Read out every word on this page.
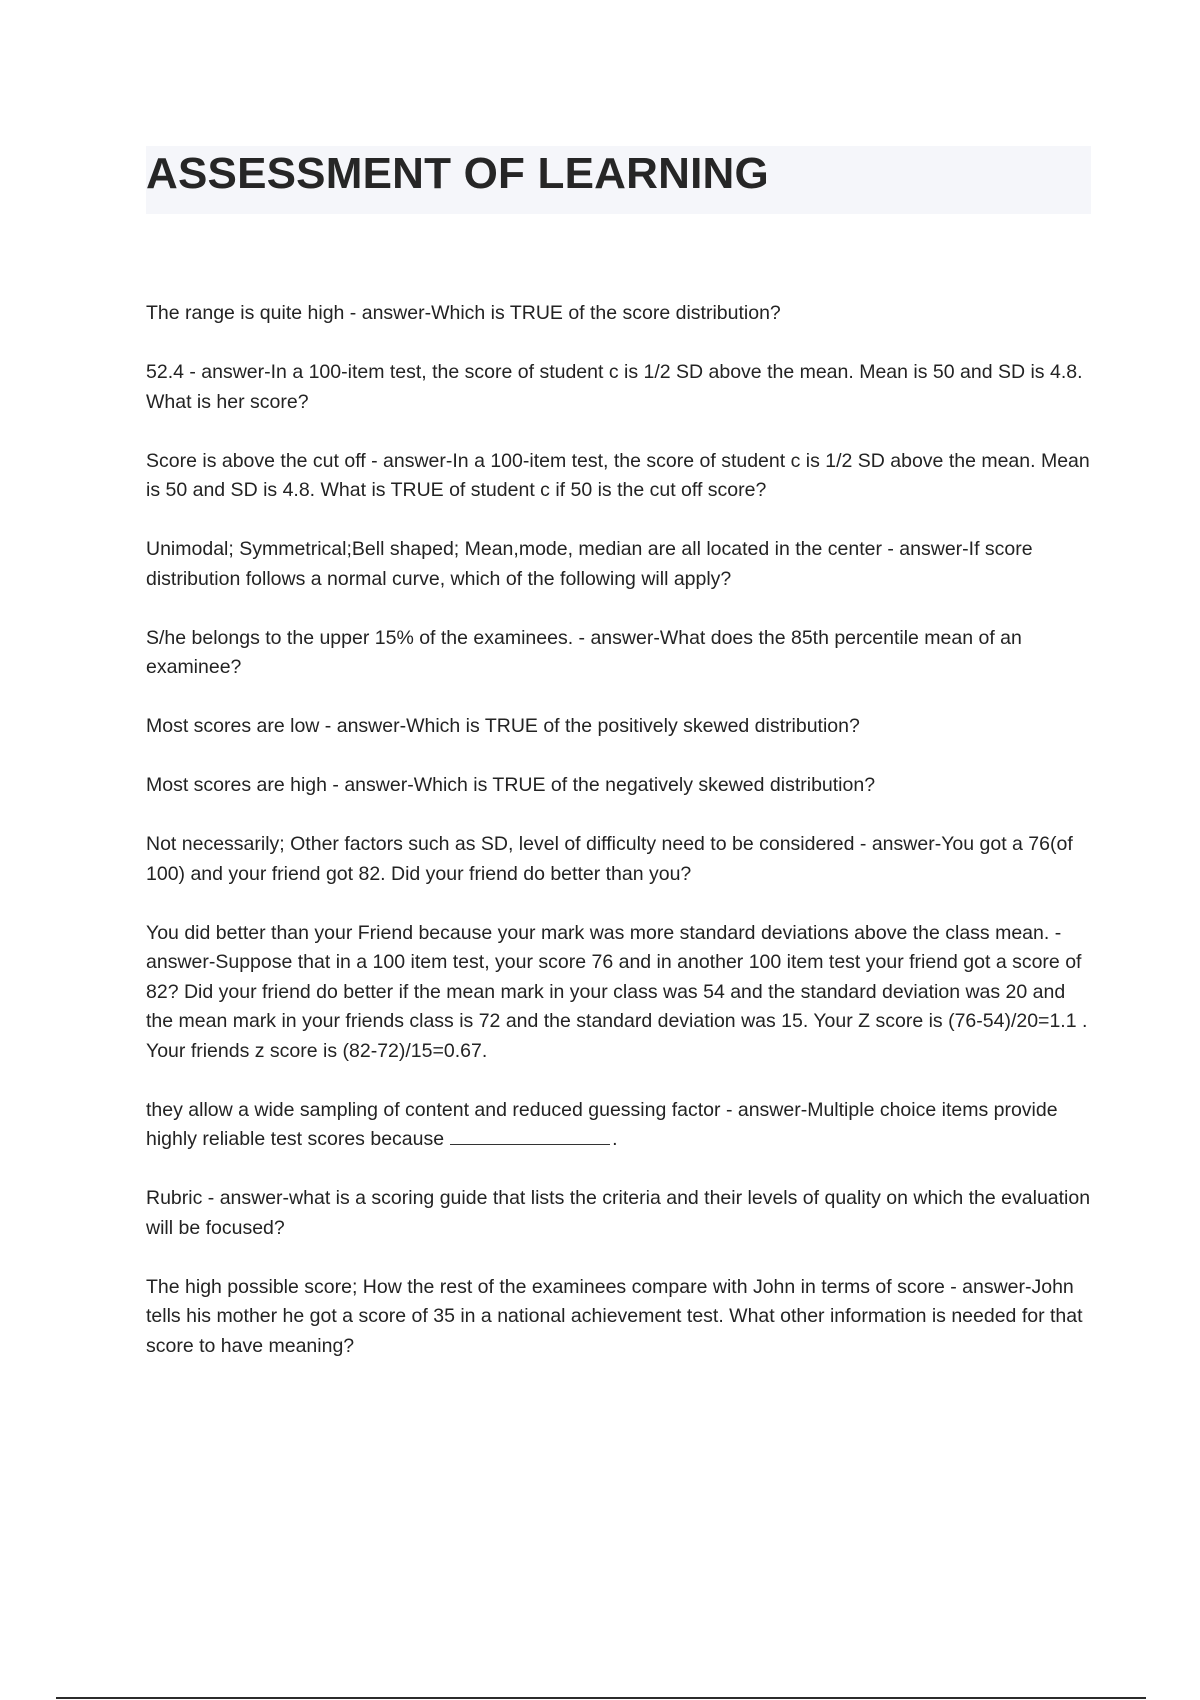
ASSESSMENT OF LEARNING
The range is quite high - answer-Which is TRUE of the score distribution?
52.4 - answer-In a 100-item test, the score of student c is 1/2 SD above the mean. Mean is 50 and SD is 4.8. What is her score?
Score is above the cut off - answer-In a 100-item test, the score of student c is 1/2 SD above the mean. Mean is 50 and SD is 4.8. What is TRUE of student c if 50 is the cut off score?
Unimodal; Symmetrical;Bell shaped; Mean,mode, median are all located in the center - answer-If score distribution follows a normal curve, which of the following will apply?
S/he belongs to the upper 15% of the examinees. - answer-What does the 85th percentile mean of an examinee?
Most scores are low - answer-Which is TRUE of the positively skewed distribution?
Most scores are high - answer-Which is TRUE of the negatively skewed distribution?
Not necessarily; Other factors such as SD, level of difficulty need to be considered - answer-You got a 76(of 100) and your friend got 82. Did your friend do better than you?
You did better than your Friend because your mark was more standard deviations above the class mean. - answer-Suppose that in a 100 item test, your score 76 and in another 100 item test your friend got a score of 82? Did your friend do better if the mean mark in your class was 54 and the standard deviation was 20 and the mean mark in your friends class is 72 and the standard deviation was 15. Your Z score is (76-54)/20=1.1 . Your friends z score is (82-72)/15=0.67.
they allow a wide sampling of content and reduced guessing factor - answer-Multiple choice items provide highly reliable test scores because	.
Rubric - answer-what is a scoring guide that lists the criteria and their levels of quality on which the evaluation will be focused?
The high possible score; How the rest of the examinees compare with John in terms of score - answer-John tells his mother he got a score of 35 in a national achievement test. What other information is needed for that score to have meaning?
